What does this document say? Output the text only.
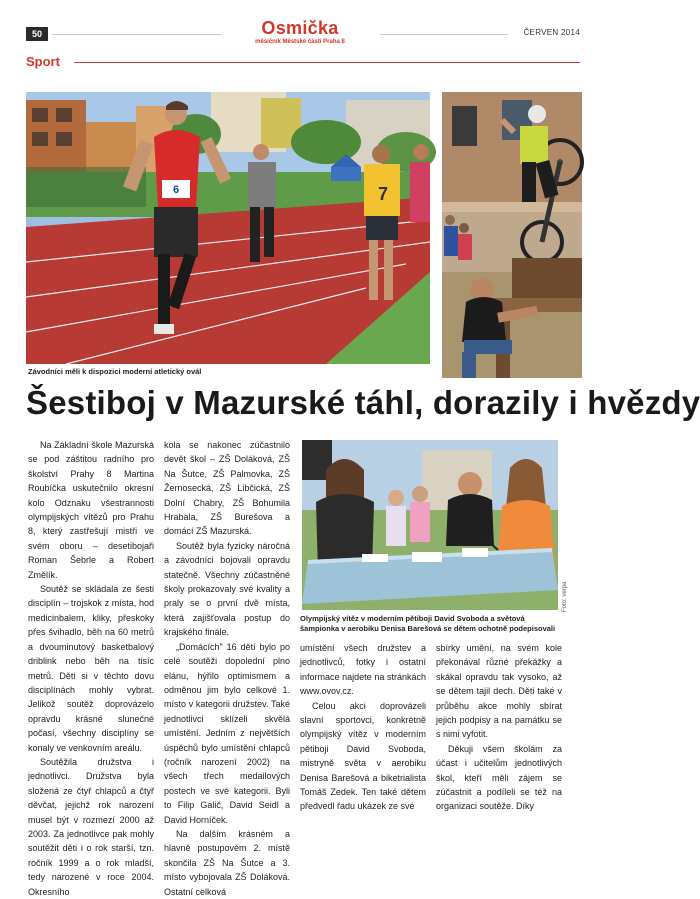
50	Osmička
měsíčník Městské části Praha 8
ČERVEN 2014
Sport
6	7
Závodníci měli k dispozici moderní atletický ovál
Šestiboj v Mazurské táhl, dorazily i hvězdy
Foto: verpa
Olympijský vítěz v moderním pětiboji David Svoboda a světová šampionka v aerobiku Denisa Barešová se dětem ochotně podepisovali

Na Základní škole Mazurská se pod záštitou radního pro školství Prahy 8 Martina Roubíčka uskutečnilo okresní kolo Odznaku všestrannosti olympijských vítězů pro Prahu 8, který zastřešují mistři ve svém oboru – desetibojaři Roman Šebrle a Robert Změlík.

Soutěž se skládala ze šesti disciplín – trojskok z místa, hod medicinbalem, kliky, přeskoky přes švihadlo, běh na 60 metrů a dvouminutový basketbalový driblink nebo běh na tisíc metrů. Děti si v těchto dovu disciplínách mohly vybrat. Jelikož soutěž doprovázelo opravdu krásné slunečné počasí, všechny disciplíny se konaly ve venkovním areálu.

Soutěžila družstva i jednotlivci. Družstva byla složená ze čtyř chlapců a čtyř děvčat, jejichž rok narození musel být v rozmezí 2000 až 2003. Za jednotlivce pak mohly soutěžit děti i o rok starší, tzn. ročník 1999 a o rok mladší, tedy narozené v roce 2004. Okresního

kola se nakonec zúčastnilo devět škol – ZŠ Doláková, ZŠ Na Šutce, ZŠ Palmovka, ZŠ Žernosecká, ZŠ Libčická, ZŠ Dolní Chabry, ZŠ Bohumila Hrabala, ZŠ Burešova a domácí ZŠ Mazurská.

Soutěž byla fyzicky náročná a závodníci bojovali opravdu statečně. Všechny zúčastněné školy prokazovaly své kvality a praly se o první dvě místa, která zajišťovala postup do krajského finále.

„Domácích" 16 dětí bylo po celé soutěži dopolední plno elánu, hýřilo optimismem a odměnou jim bylo celkové 1. místo v kategorii družstev. Také jednotlivci sklízeli skvělá umístění. Jedním z největších úspěchů bylo umístění chlapců (ročník narození 2002) na všech třech medailových postech ve své kategorii. Byli to Filip Galič, David Seidl a David Horníček.

Na dalším krásném a hlavně postupovém 2. místě skončila ZŠ Na Šutce a 3. místo vybojovala ZŠ Doláková. Ostatní celková

umístění všech družstev a jednotlivců, fotky i ostatní informace najdete na stránkách www.ovov.cz.

Celou akci doprovázeli slavní sportovci, konkrétně olympijský vítěz v moderním pětiboji David Svoboda, mistryně světa v aerobiku Denisa Barešová a biketrialista Tomáš Zedek. Ten také dětem předvedl řadu ukázek ze své

sbírky umění, na svém kole překonával různé překážky a skákal opravdu tak vysoko, až se dětem tajil dech. Děti také v průběhu akce mohly sbírat jejich podpisy a na památku se s nimi vyfotit.

Děkuji všem školám za účast i učitelům jednotlivých škol, kteří měli zájem se zúčastnit a podíleli se též na organizaci soutěže. Díky
